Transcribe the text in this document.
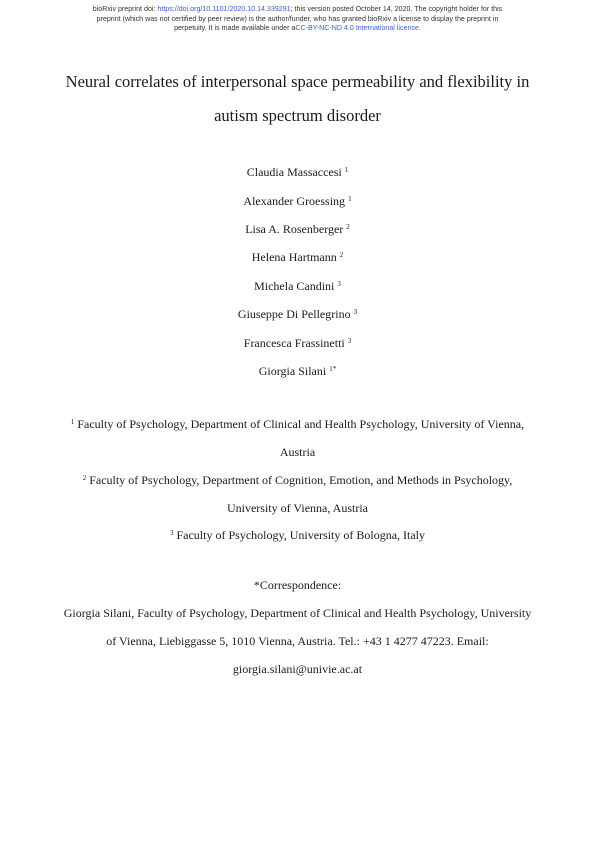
bioRxiv preprint doi: https://doi.org/10.1101/2020.10.14.339291; this version posted October 14, 2020. The copyright holder for this
preprint (which was not certified by peer review) is the author/funder, who has granted bioRxiv a license to display the preprint in
perpetuity. It is made available under aCC-BY-NC-ND 4.0 International license.
Neural correlates of interpersonal space permeability and flexibility in
autism spectrum disorder
Claudia Massaccesi $^1$
Alexander Groessing $^1$
Lisa A. Rosenberger $^2$
Helena Hartmann $^2$
Michela Candini $^3$
Giuseppe Di Pellegrino $^3$
Francesca Frassinetti $^3$
Giorgia Silani $^{1*}$
$^1$ Faculty of Psychology, Department of Clinical and Health Psychology, University of Vienna,
Austria
$^2$ Faculty of Psychology, Department of Cognition, Emotion, and Methods in Psychology,
University of Vienna, Austria
$^3$ Faculty of Psychology, University of Bologna, Italy
*Correspondence:
Giorgia Silani, Faculty of Psychology, Department of Clinical and Health Psychology, University
of Vienna, Liebiggasse 5, 1010 Vienna, Austria. Tel.: +43 1 4277 47223. Email:
giorgia.silani@univie.ac.at
